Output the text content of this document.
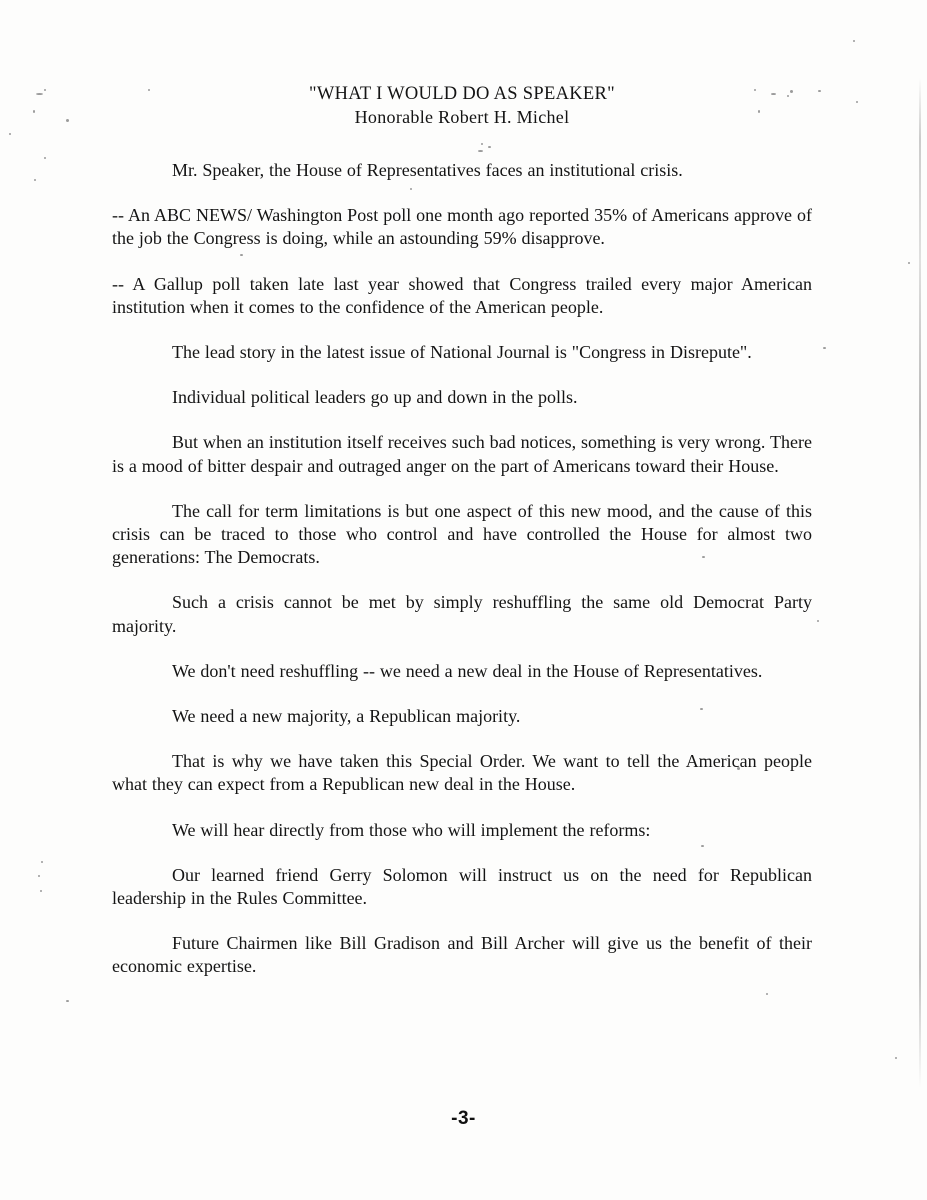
"WHAT I WOULD DO AS SPEAKER"
Honorable Robert H. Michel

Mr. Speaker, the House of Representatives faces an institutional crisis.

-- An ABC NEWS/ Washington Post poll one month ago reported 35% of Americans approve of the job the Congress is doing, while an astounding 59% disapprove.

-- A Gallup poll taken late last year showed that Congress trailed every major American institution when it comes to the confidence of the American people.

The lead story in the latest issue of National Journal is "Congress in Disrepute".

Individual political leaders go up and down in the polls.

But when an institution itself receives such bad notices, something is very wrong. There is a mood of bitter despair and outraged anger on the part of Americans toward their House.

The call for term limitations is but one aspect of this new mood, and the cause of this crisis can be traced to those who control and have controlled the House for almost two generations: The Democrats.

Such a crisis cannot be met by simply reshuffling the same old Democrat Party majority.

We don't need reshuffling -- we need a new deal in the House of Representatives.

We need a new majority, a Republican majority.

That is why we have taken this Special Order. We want to tell the American people what they can expect from a Republican new deal in the House.

We will hear directly from those who will implement the reforms:

Our learned friend Gerry Solomon will instruct us on the need for Republican leadership in the Rules Committee.

Future Chairmen like Bill Gradison and Bill Archer will give us the benefit of their economic expertise.

-3-
